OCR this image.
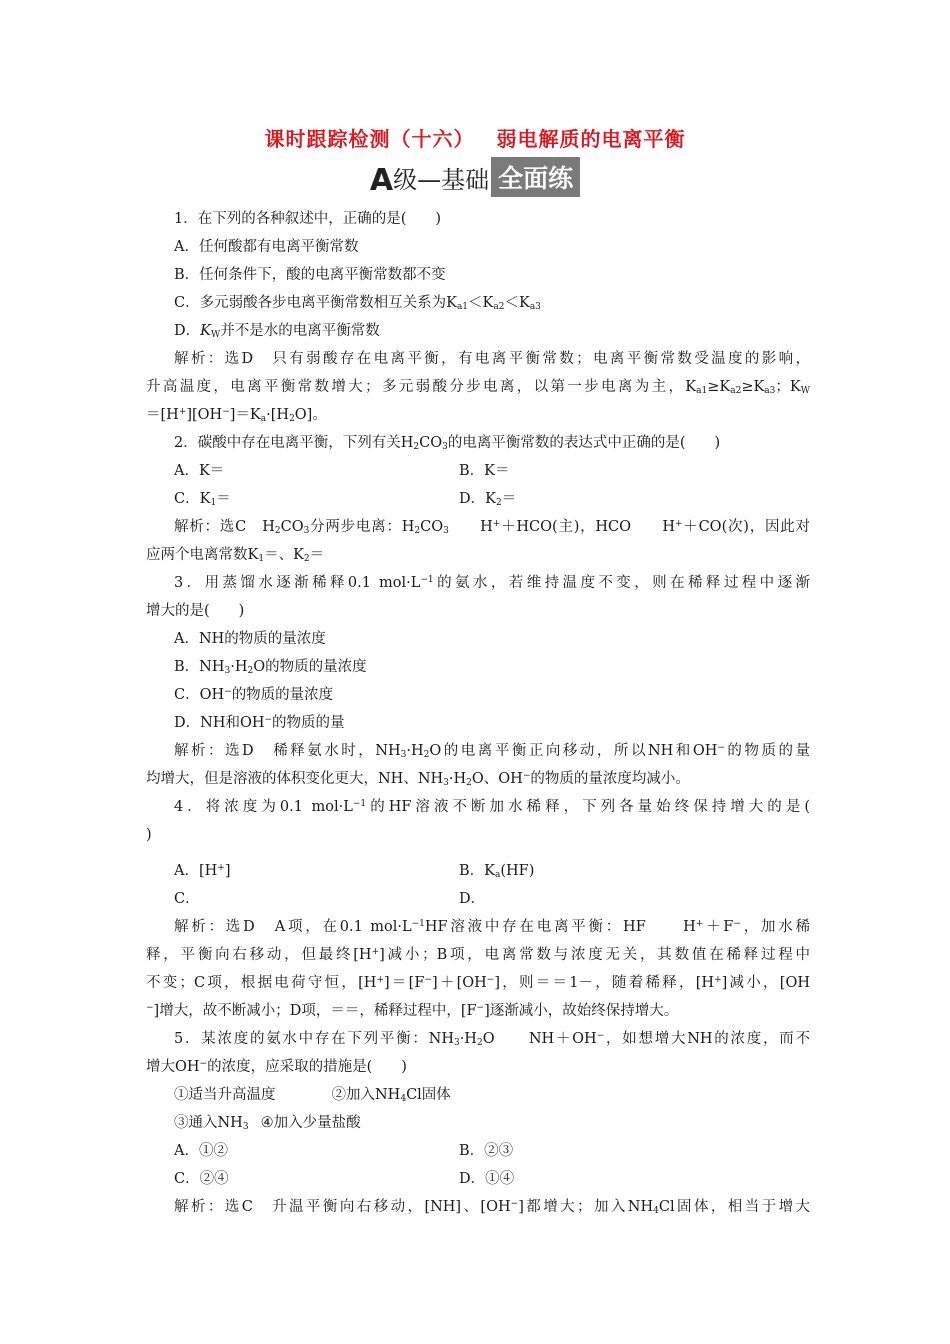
课时跟踪检测（十六） 弱电解质的电离平衡
A级—基础 全面练
1．在下列的各种叙述中，正确的是(　　)
A．任何酸都有电离平衡常数
B．任何条件下，酸的电离平衡常数都不变
C．多元弱酸各步电离平衡常数相互关系为$K_{a1}<K_{a2}<K_{a3}$
D．$K_W$并不是水的电离平衡常数
解析：选D　只有弱酸存在电离平衡，有电离平衡常数；电离平衡常数受温度的影响，
升高温度，电离平衡常数增大；多元弱酸分步电离，以第一步电离为主，$K_{a1}\ge K_{a2}\ge K_{a3}$；$K_W$
$=[H^+][OH^-]=K_a\cdot[H_2O]$。
2．碳酸中存在电离平衡，下列有关$H_2CO_3$的电离平衡常数的表达式中正确的是(　　)
A．K＝	B．K＝
C．$K_1=$	D．$K_2=$
解析：选C　$H_2CO_3$分两步电离：$H_2CO_3$　　H+＋HCO(主)，HCO　　H+＋CO(次)，因此对
应两个电离常数$K_1=$、$K_2=$
3．用蒸馏水逐渐稀释0.1 $mol\cdot L^{-1}$的氨水，若维持温度不变，则在稀释过程中逐渐
增大的是(　　)
A．NH的物质的量浓度
B．$NH_3\cdot H_2O$的物质的量浓度
C．OH−的物质的量浓度
D．NH和OH−的物质的量
解析：选D　稀释氨水时，$NH_3\cdot H_2O$的电离平衡正向移动，所以NH和OH−的物质的量
均增大，但是溶液的体积变化更大，NH、$NH_3\cdot H_2O$、OH−的物质的量浓度均减小。
4．将浓度为0.1 $mol\cdot L^{-1}$的HF溶液不断加水稀释，下列各量始终保持增大的是(
)
A．[H+]	B．$K_a(HF)$
C．	D．
解析：选D　A项，在0.1 $mol\cdot L^{-1}HF$溶液中存在电离平衡：HF　　H+＋F−，加水稀
释，平衡向右移动，但最终[H+]减小；B项，电离常数与浓度无关，其数值在稀释过程中
不变；C项，根据电荷守恒，[H+]＝[F−]＋[OH−]，则＝＝1－，随着稀释，[H+]减小，[OH
−]增大，故不断减小；D项，＝＝，稀释过程中，[F−]逐渐减小，故始终保持增大。
5．某浓度的氨水中存在下列平衡：$NH_3\cdot H_2O$　　NH＋OH−，如想增大NH的浓度，而不
增大OH−的浓度，应采取的措施是(　　)
①适当升高温度	②加入$NH_4Cl$固体
③通入$NH_3$ ④加入少量盐酸
A．①②	B．②③
C．②④	D．①④
解析：选C　升温平衡向右移动，[NH]、[OH−]都增大；加入$NH_4Cl$固体，相当于增大
